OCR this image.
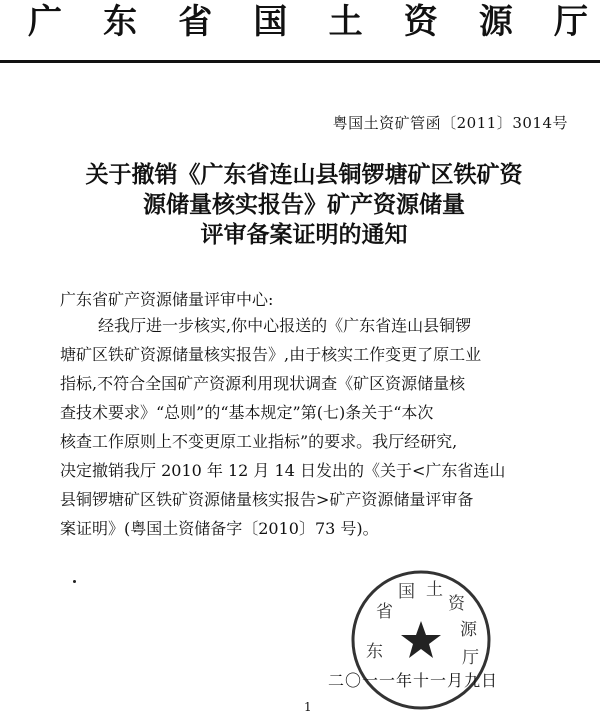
广 东 省 国 土 资 源 厅
粤国土资矿管函〔2011〕3014号
关于撤销《广东省连山县铜锣塘矿区铁矿资
源储量核实报告》矿产资源储量
评审备案证明的通知
广东省矿产资源储量评审中心:
经我厅进一步核实,你中心报送的《广东省连山县铜锣
塘矿区铁矿资源储量核实报告》,由于核实工作变更了原工业
指标,不符合全国矿产资源利用现状调查《矿区资源储量核
查技术要求》“总则”的“基本规定”第(七)条关于“本次
核查工作原则上不变更原工业指标”的要求。我厅经研究,
决定撤销我厅 2010 年 12 月 14 日发出的《关于<广东省连山
县铜锣塘矿区铁矿资源储量核实报告>矿产资源储量评审备
案证明》(粤国土资储备字〔2010〕73 号)。
东
省
国 土
资
源
厅
二〇一一年十一月九日
1
